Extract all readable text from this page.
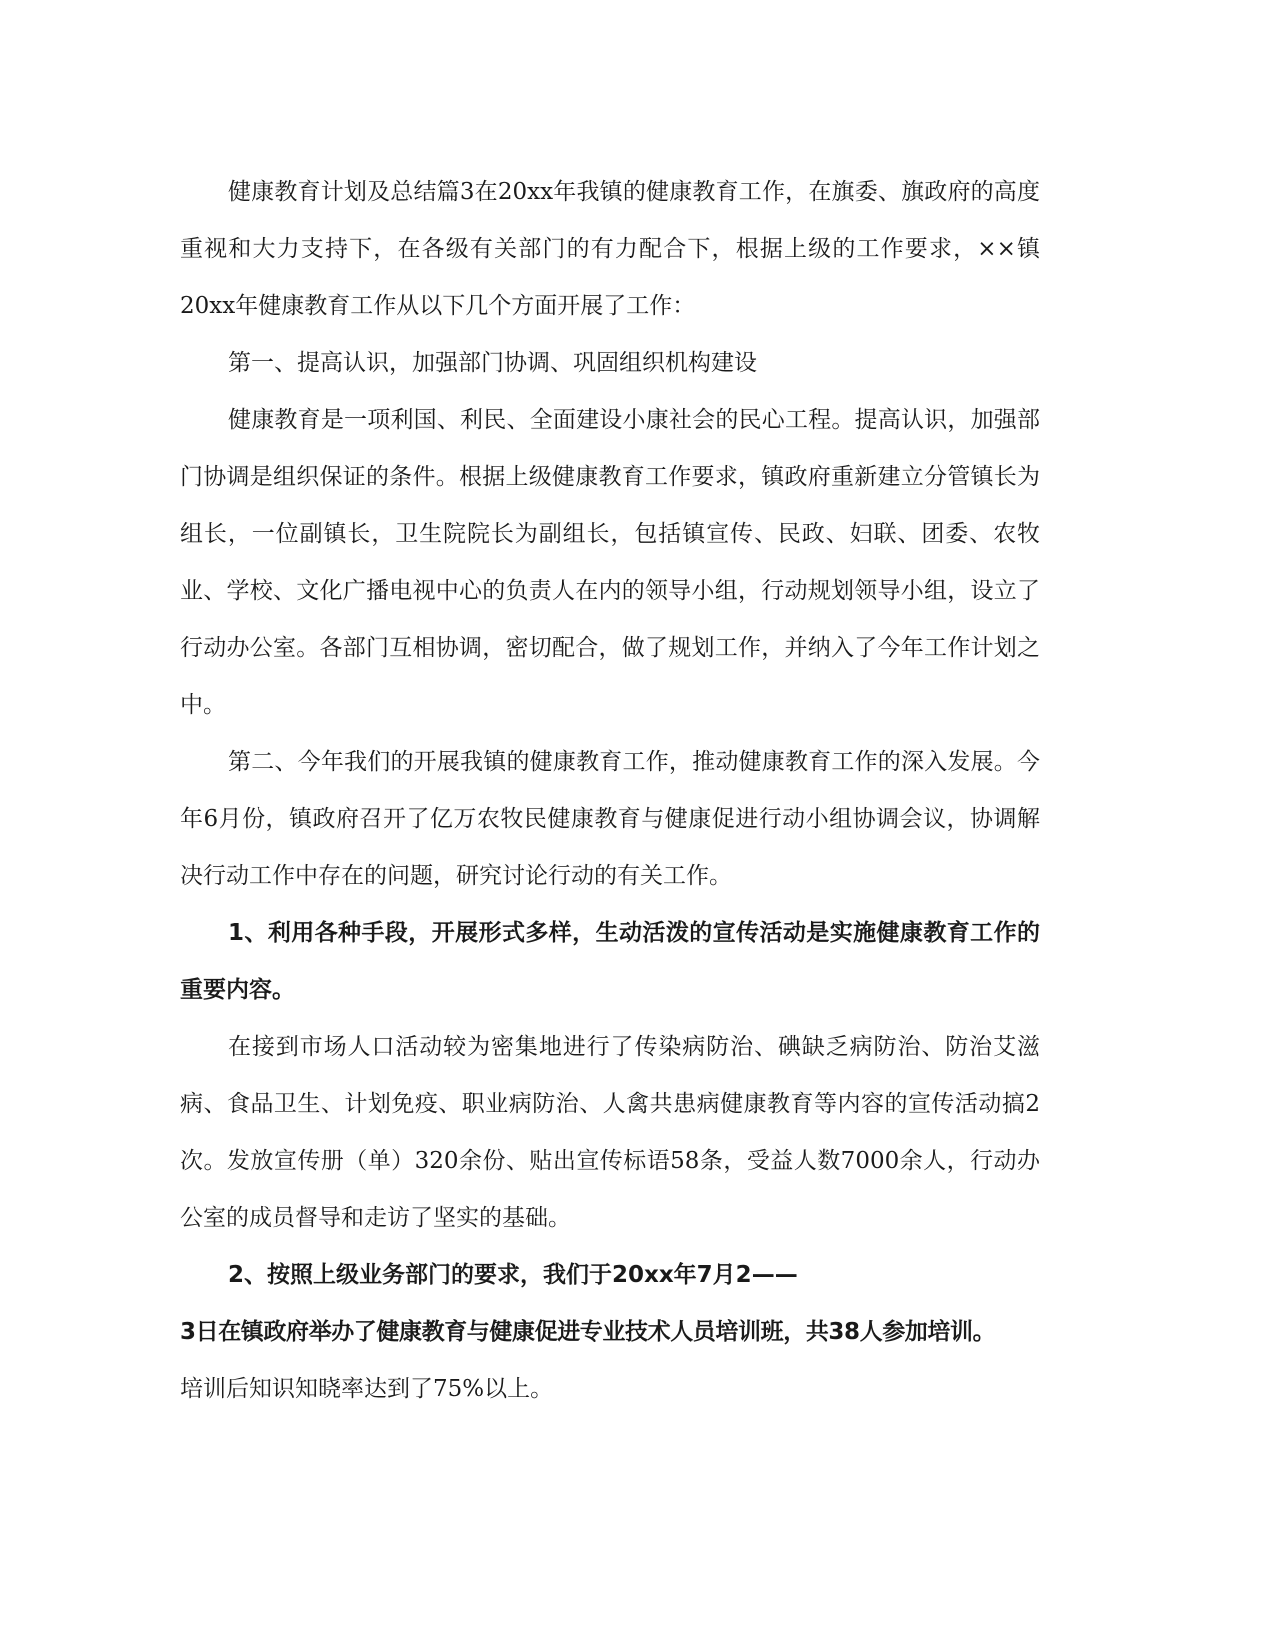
健康教育计划及总结篇3在20xx年我镇的健康教育工作，在旗委、旗政府的高度重视和大力支持下，在各级有关部门的有力配合下，根据上级的工作要求，××镇20xx年健康教育工作从以下几个方面开展了工作：

第一、提高认识，加强部门协调、巩固组织机构建设

健康教育是一项利国、利民、全面建设小康社会的民心工程。提高认识，加强部门协调是组织保证的条件。根据上级健康教育工作要求，镇政府重新建立分管镇长为组长，一位副镇长，卫生院院长为副组长，包括镇宣传、民政、妇联、团委、农牧业、学校、文化广播电视中心的负责人在内的领导小组，行动规划领导小组，设立了行动办公室。各部门互相协调，密切配合，做了规划工作，并纳入了今年工作计划之中。

第二、今年我们的开展我镇的健康教育工作，推动健康教育工作的深入发展。今年6月份，镇政府召开了亿万农牧民健康教育与健康促进行动小组协调会议，协调解决行动工作中存在的问题，研究讨论行动的有关工作。

1、利用各种手段，开展形式多样，生动活泼的宣传活动是实施健康教育工作的重要内容。

在接到市场人口活动较为密集地进行了传染病防治、碘缺乏病防治、防治艾滋病、食品卫生、计划免疫、职业病防治、人禽共患病健康教育等内容的宣传活动搞2次。发放宣传册（单）320余份、贴出宣传标语58条，受益人数7000余人，行动办公室的成员督导和走访了坚实的基础。

2、按照上级业务部门的要求，我们于20xx年7月2——

3日在镇政府举办了健康教育与健康促进专业技术人员培训班，共38人参加培训。

培训后知识知晓率达到了75%以上。
